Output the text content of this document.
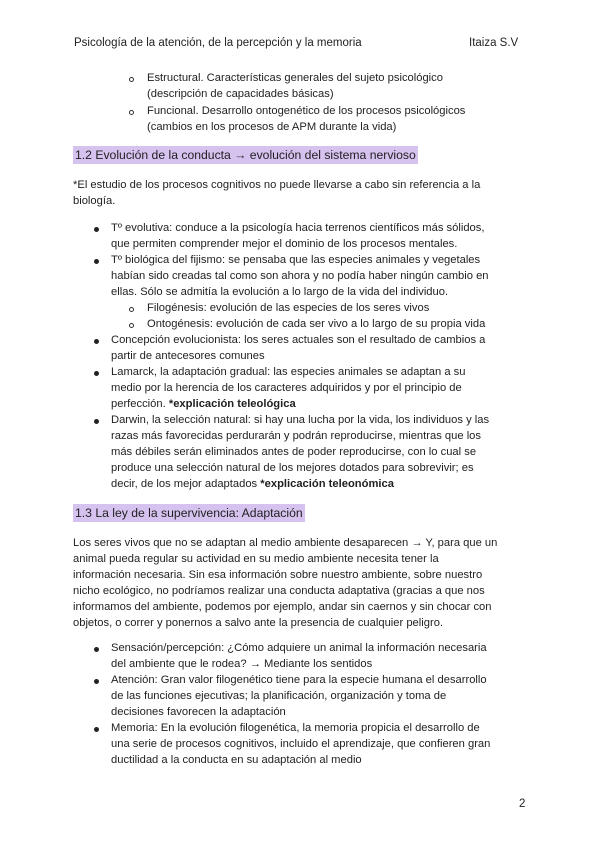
Psicología de la atención, de la percepción y la memoria	Itaiza S.V
Estructural. Características generales del sujeto psicológico
(descripción de capacidades básicas)
Funcional. Desarrollo ontogenético de los procesos psicológicos
(cambios en los procesos de APM durante la vida)
1.2 Evolución de la conducta → evolución del sistema nervioso
*El estudio de los procesos cognitivos no puede llevarse a cabo sin referencia a la
biología.
Tº evolutiva: conduce a la psicología hacia terrenos científicos más sólidos,
que permiten comprender mejor el dominio de los procesos mentales.
Tº biológica del fijismo: se pensaba que las especies animales y vegetales
habían sido creadas tal como son ahora y no podía haber ningún cambio en
ellas. Sólo se admitía la evolución a lo largo de la vida del individuo.
Filogénesis: evolución de las especies de los seres vivos
Ontogénesis: evolución de cada ser vivo a lo largo de su propia vida
Concepción evolucionista: los seres actuales son el resultado de cambios a
partir de antecesores comunes
Lamarck, la adaptación gradual: las especies animales se adaptan a su
medio por la herencia de los caracteres adquiridos y por el principio de
perfección. *explicación teleológica
Darwin, la selección natural: si hay una lucha por la vida, los individuos y las
razas más favorecidas perdurarán y podrán reproducirse, mientras que los
más débiles serán eliminados antes de poder reproducirse, con lo cual se
produce una selección natural de los mejores dotados para sobrevivir; es
decir, de los mejor adaptados *explicación teleonómica
1.3 La ley de la supervivencia: Adaptación
Los seres vivos que no se adaptan al medio ambiente desaparecen → Y, para que un
animal pueda regular su actividad en su medio ambiente necesita tener la
información necesaria. Sin esa información sobre nuestro ambiente, sobre nuestro
nicho ecológico, no podríamos realizar una conducta adaptativa (gracias a que nos
informamos del ambiente, podemos por ejemplo, andar sin caernos y sin chocar con
objetos, o correr y ponernos a salvo ante la presencia de cualquier peligro.
Sensación/percepción: ¿Cómo adquiere un animal la información necesaria
del ambiente que le rodea? → Mediante los sentidos
Atención: Gran valor filogenético tiene para la especie humana el desarrollo
de las funciones ejecutivas; la planificación, organización y toma de
decisiones favorecen la adaptación
Memoria: En la evolución filogenética, la memoria propicia el desarrollo de
una serie de procesos cognitivos, incluido el aprendizaje, que confieren gran
ductilidad a la conducta en su adaptación al medio
2
